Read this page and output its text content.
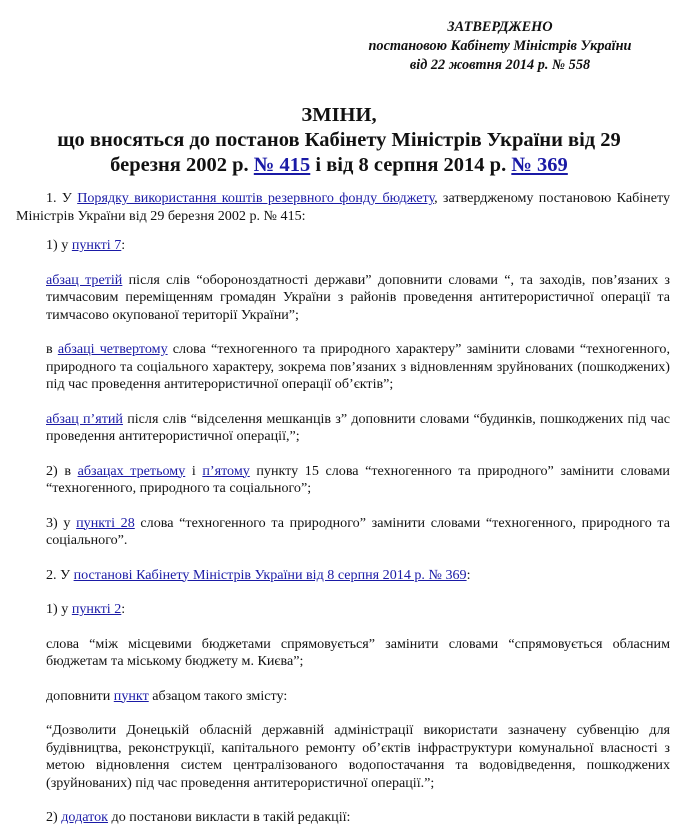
ЗАТВЕРДЖЕНО
постановою Кабінету Міністрів України
від 22 жовтня 2014 р. № 558
ЗМІНИ,
що вносяться до постанов Кабінету Міністрів України від 29
березня 2002 р. № 415 і від 8 серпня 2014 р. № 369

1. У Порядку використання коштів резервного фонду бюджету, затвердженому постановою Кабінету Міністрів України від 29 березня 2002 р. № 415:

1) у пункті 7:

абзац третій після слів “обороноздатності держави” доповнити словами “, та заходів, пов’язаних з тимчасовим переміщенням громадян України з районів проведення антитерористичної операції та тимчасово окупованої території України”;

в абзаці четвертому слова “техногенного та природного характеру” замінити словами “техногенного, природного та соціального характеру, зокрема пов’язаних з відновленням зруйнованих (пошкоджених) під час проведення антитерористичної операції об’єктів”;

абзац п’ятий після слів “відселення мешканців з” доповнити словами “будинків, пошкоджених під час проведення антитерористичної операції,”;

2) в абзацах третьому і п’ятому пункту 15 слова “техногенного та природного” замінити словами “техногенного, природного та соціального”;

3) у пункті 28 слова “техногенного та природного” замінити словами “техногенного, природного та соціального”.

2. У постанові Кабінету Міністрів України від 8 серпня 2014 р. № 369:

1) у пункті 2:

слова “між місцевими бюджетами спрямовується” замінити словами “спрямовується обласним бюджетам та міському бюджету м. Києва”;

доповнити пункт абзацом такого змісту:

“Дозволити Донецькій обласній державній адміністрації використати зазначену субвенцію для будівництва, реконструкції, капітального ремонту об’єктів інфраструктури комунальної власності з метою відновлення систем централізованого водопостачання та водовідведення, пошкоджених (зруйнованих) під час проведення антитерористичної операції.”;

2) додаток до постанови викласти в такій редакції:
